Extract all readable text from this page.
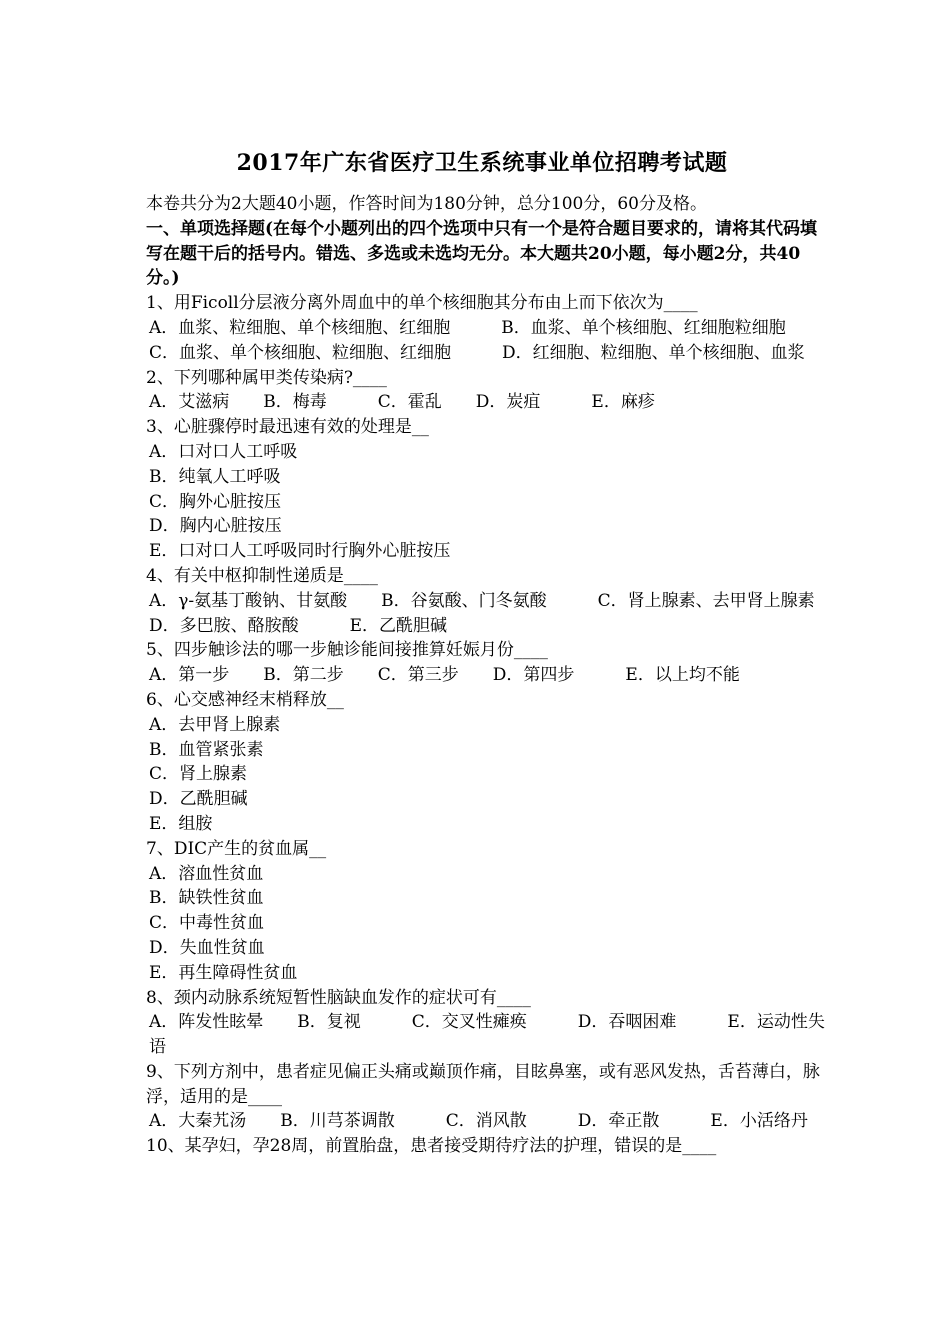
2017年广东省医疗卫生系统事业单位招聘考试题
本卷共分为2大题40小题，作答时间为180分钟，总分100分，60分及格。
一、单项选择题(在每个小题列出的四个选项中只有一个是符合题目要求的，请将其代码填写在题干后的括号内。错选、多选或未选均无分。本大题共20小题，每小题2分，共40分。)
1、用Ficoll分层液分离外周血中的单个核细胞其分布由上而下依次为____
A．血浆、粒细胞、单个核细胞、红细胞　　　B．血浆、单个核细胞、红细胞粒细胞　　　C．血浆、单个核细胞、粒细胞、红细胞　　　D．红细胞、粒细胞、单个核细胞、血浆
2、下列哪种属甲类传染病?____
A．艾滋病　　B．梅毒　　　C．霍乱　　D．炭疽　　　E．麻疹
3、心脏骤停时最迅速有效的处理是__
A．口对口人工呼吸
B．纯氧人工呼吸
C．胸外心脏按压
D．胸内心脏按压
E．口对口人工呼吸同时行胸外心脏按压
4、有关中枢抑制性递质是____
A．γ-氨基丁酸钠、甘氨酸　　B．谷氨酸、门冬氨酸　　　C．肾上腺素、去甲肾上腺素　　D．多巴胺、酪胺酸　　　E．乙酰胆碱
5、四步触诊法的哪一步触诊能间接推算妊娠月份____
A．第一步　　B．第二步　　C．第三步　　D．第四步　　　E．以上均不能
6、心交感神经末梢释放__
A．去甲肾上腺素
B．血管紧张素
C．肾上腺素
D．乙酰胆碱
E．组胺
7、DIC产生的贫血属__
A．溶血性贫血
B．缺铁性贫血
C．中毒性贫血
D．失血性贫血
E．再生障碍性贫血
8、颈内动脉系统短暂性脑缺血发作的症状可有____
A．阵发性眩晕　　B．复视　　　C．交叉性瘫痪　　　D．吞咽困难　　　E．运动性失语
9、下列方剂中，患者症见偏正头痛或巅顶作痛，目眩鼻塞，或有恶风发热，舌苔薄白，脉浮，适用的是____
A．大秦艽汤　　B．川芎茶调散　　　C．消风散　　　D．牵正散　　　E．小活络丹
10、某孕妇，孕28周，前置胎盘，患者接受期待疗法的护理，错误的是____
